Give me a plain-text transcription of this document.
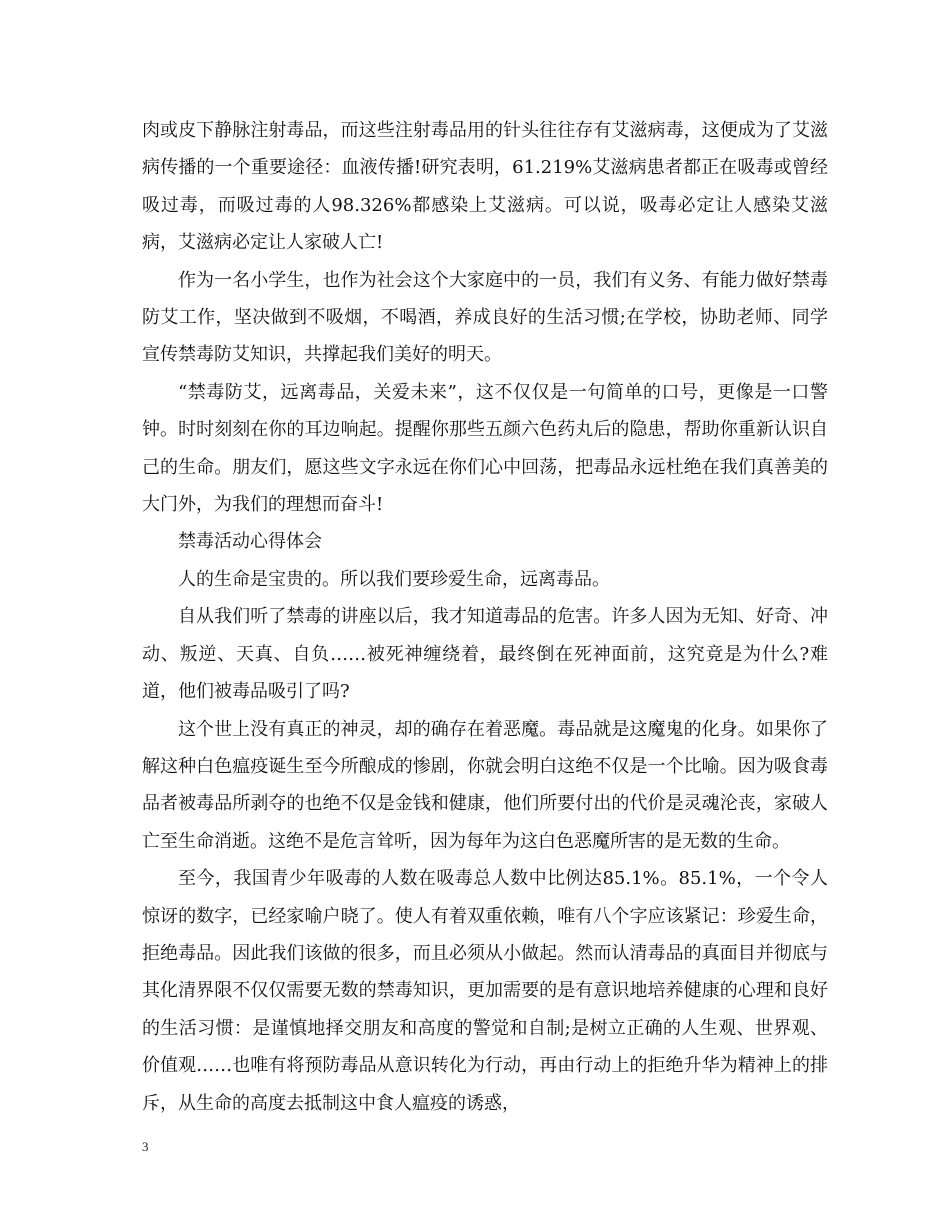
肉或皮下静脉注射毒品，而这些注射毒品用的针头往往存有艾滋病毒，这便成为了艾滋病传播的一个重要途径：血液传播!研究表明，61.219%艾滋病患者都正在吸毒或曾经吸过毒，而吸过毒的人98.326%都感染上艾滋病。可以说，吸毒必定让人感染艾滋病，艾滋病必定让人家破人亡!

作为一名小学生，也作为社会这个大家庭中的一员，我们有义务、有能力做好禁毒防艾工作，坚决做到不吸烟，不喝酒，养成良好的生活习惯;在学校，协助老师、同学宣传禁毒防艾知识，共撑起我们美好的明天。

“禁毒防艾，远离毒品，关爱未来”，这不仅仅是一句简单的口号，更像是一口警钟。时时刻刻在你的耳边响起。提醒你那些五颜六色药丸后的隐患，帮助你重新认识自己的生命。朋友们，愿这些文字永远在你们心中回荡，把毒品永远杜绝在我们真善美的大门外，为我们的理想而奋斗!

禁毒活动心得体会

人的生命是宝贵的。所以我们要珍爱生命，远离毒品。

自从我们听了禁毒的讲座以后，我才知道毒品的危害。许多人因为无知、好奇、冲动、叛逆、天真、自负……被死神缠绕着，最终倒在死神面前，这究竟是为什么?难道，他们被毒品吸引了吗?

这个世上没有真正的神灵，却的确存在着恶魔。毒品就是这魔鬼的化身。如果你了解这种白色瘟疫诞生至今所酿成的惨剧，你就会明白这绝不仅是一个比喻。因为吸食毒品者被毒品所剥夺的也绝不仅是金钱和健康，他们所要付出的代价是灵魂沦丧，家破人亡至生命消逝。这绝不是危言耸听，因为每年为这白色恶魔所害的是无数的生命。

至今，我国青少年吸毒的人数在吸毒总人数中比例达85.1%。85.1%，一个令人惊讶的数字，已经家喻户晓了。使人有着双重依赖，唯有八个字应该紧记：珍爱生命，拒绝毒品。因此我们该做的很多，而且必须从小做起。然而认清毒品的真面目并彻底与其化清界限不仅仅需要无数的禁毒知识，更加需要的是有意识地培养健康的心理和良好的生活习惯：是谨慎地择交朋友和高度的警觉和自制;是树立正确的人生观、世界观、价值观……也唯有将预防毒品从意识转化为行动，再由行动上的拒绝升华为精神上的排斥，从生命的高度去抵制这中食人瘟疫的诱惑，

3
